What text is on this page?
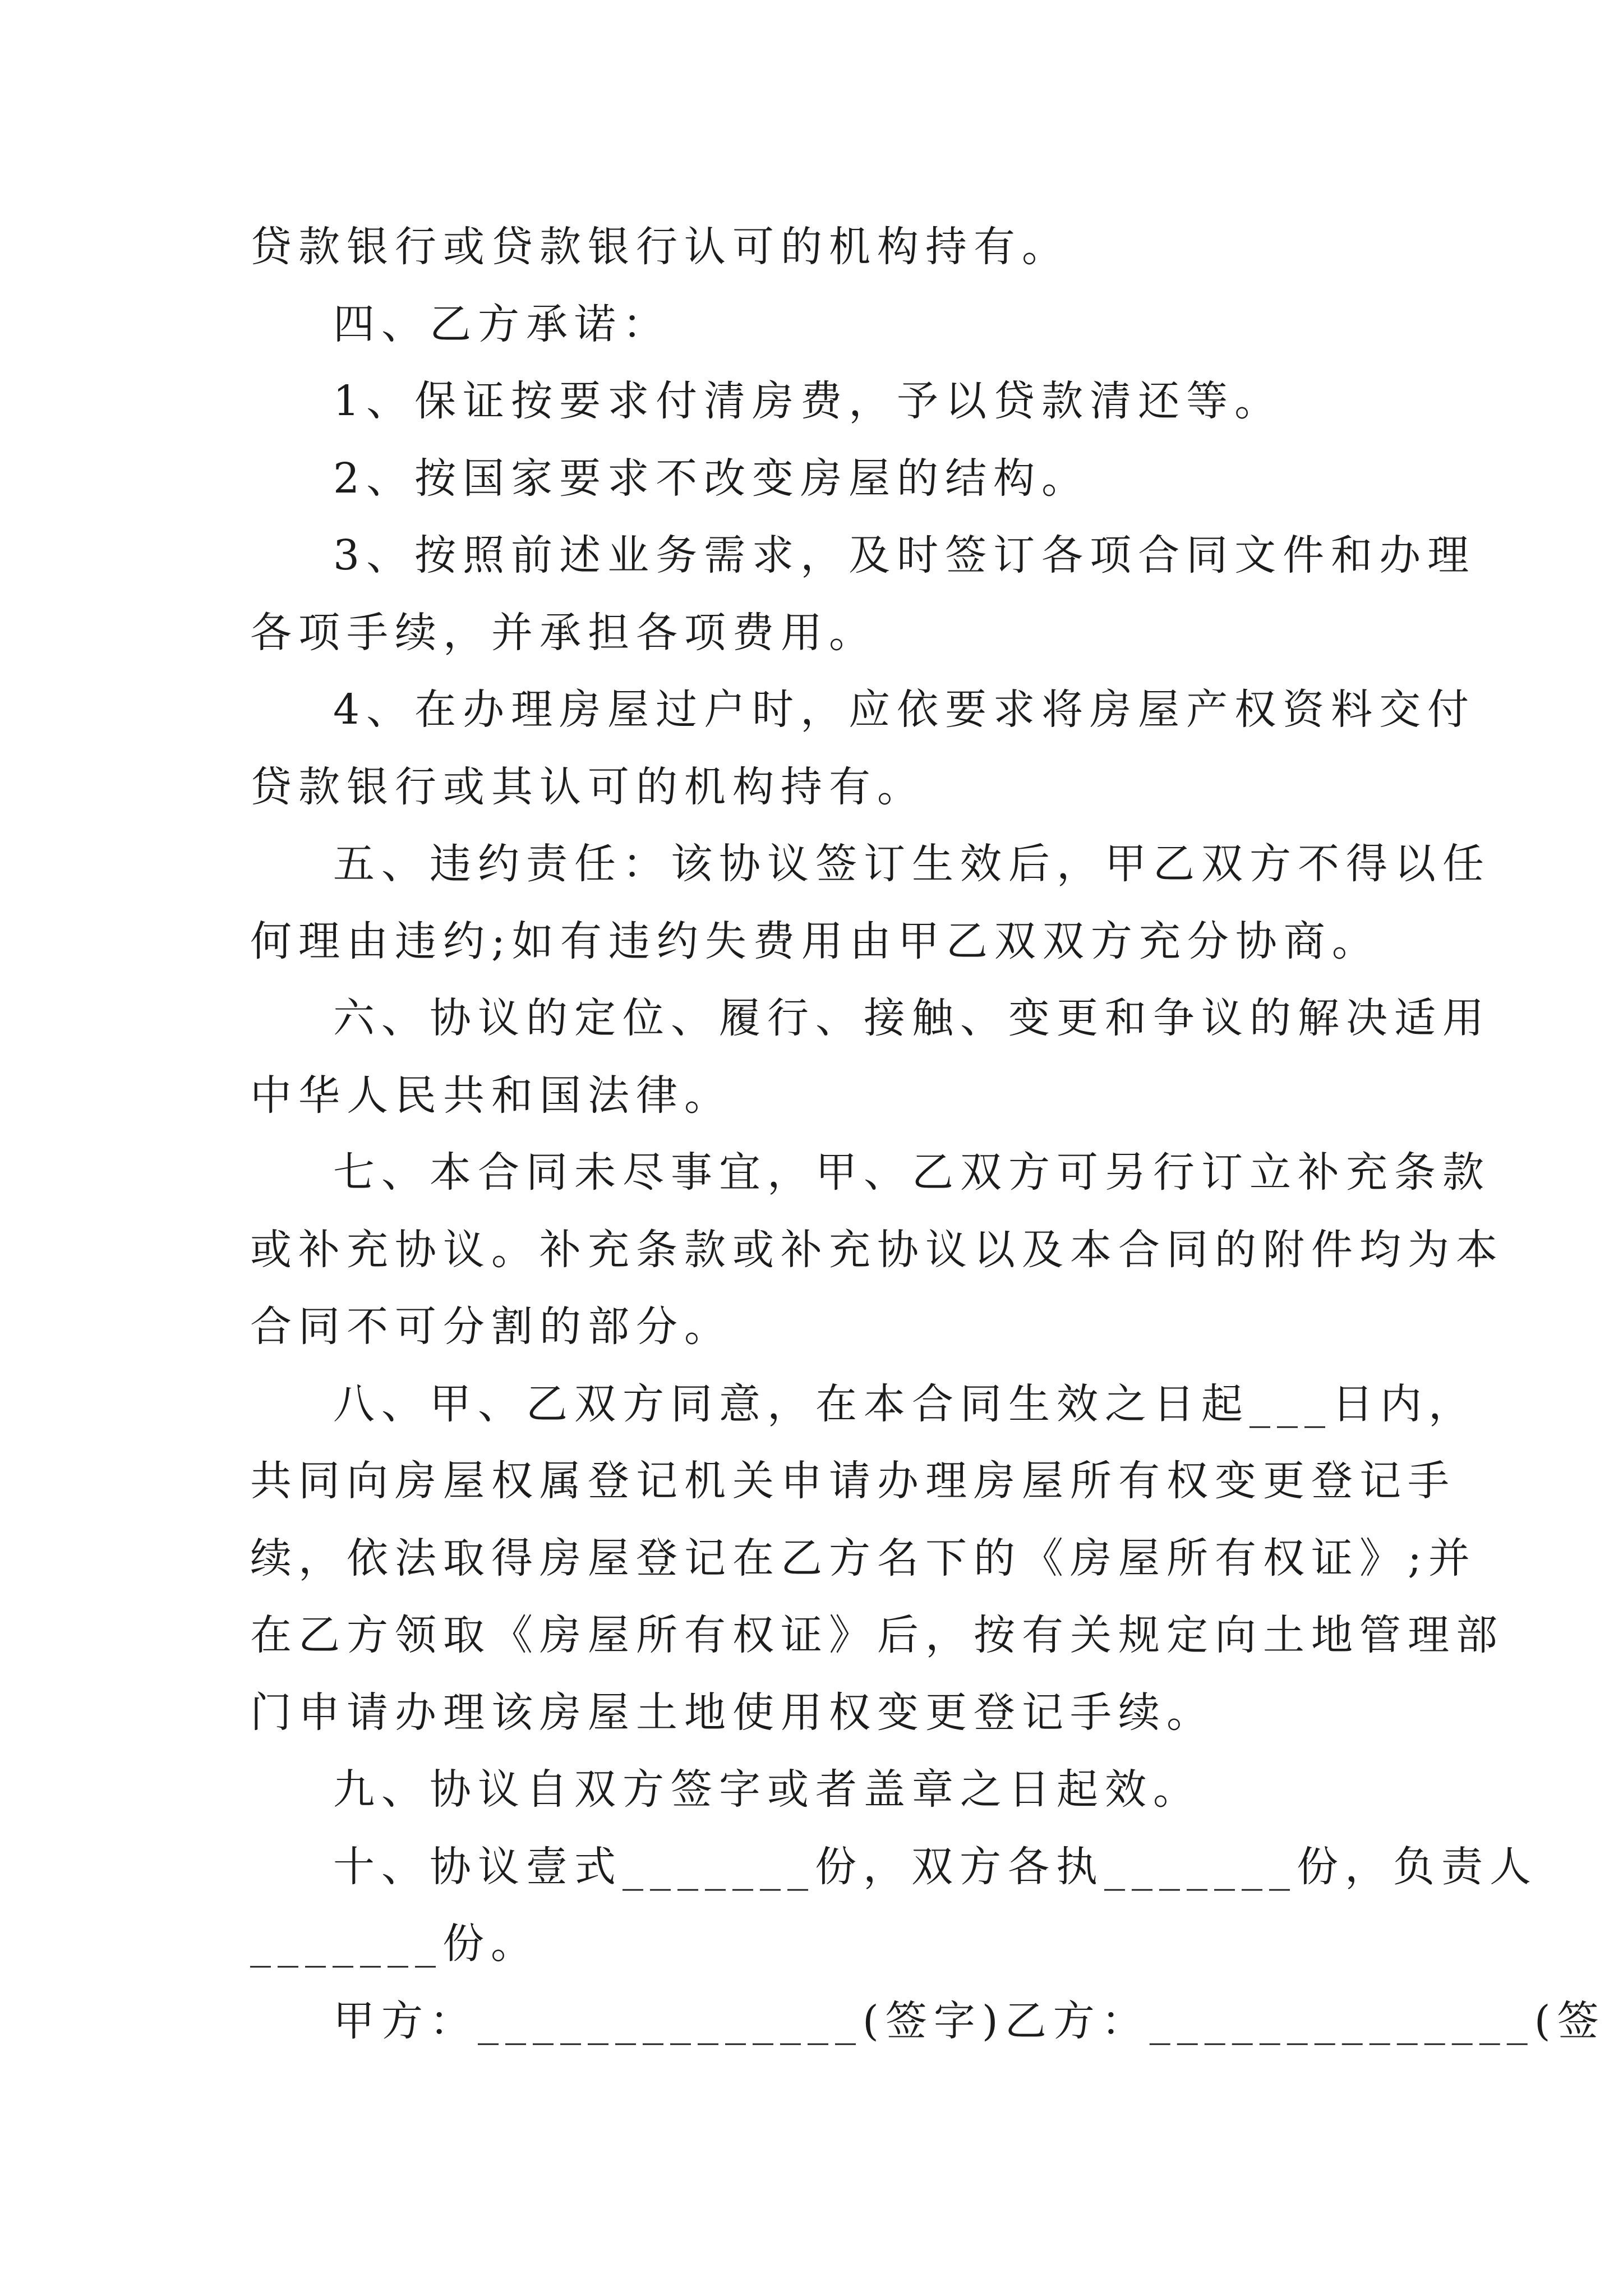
贷款银行或贷款银行认可的机构持有。
四、乙方承诺：
1、保证按要求付清房费，予以贷款清还等。
2、按国家要求不改变房屋的结构。
3、按照前述业务需求，及时签订各项合同文件和办理
各项手续，并承担各项费用。
4、在办理房屋过户时，应依要求将房屋产权资料交付
贷款银行或其认可的机构持有。
五、违约责任：该协议签订生效后，甲乙双方不得以任
何理由违约;如有违约失费用由甲乙双双方充分协商。
六、协议的定位、履行、接触、变更和争议的解决适用
中华人民共和国法律。
七、本合同未尽事宜，甲、乙双方可另行订立补充条款
或补充协议。补充条款或补充协议以及本合同的附件均为本
合同不可分割的部分。
八、甲、乙双方同意，在本合同生效之日起___日内，
共同向房屋权属登记机关申请办理房屋所有权变更登记手
续，依法取得房屋登记在乙方名下的《房屋所有权证》;并
在乙方领取《房屋所有权证》后，按有关规定向土地管理部
门申请办理该房屋土地使用权变更登记手续。
九、协议自双方签字或者盖章之日起效。
十、协议壹式_______份，双方各执_______份，负责人
_______份。
甲方：______________(签字)乙方：______________(签
